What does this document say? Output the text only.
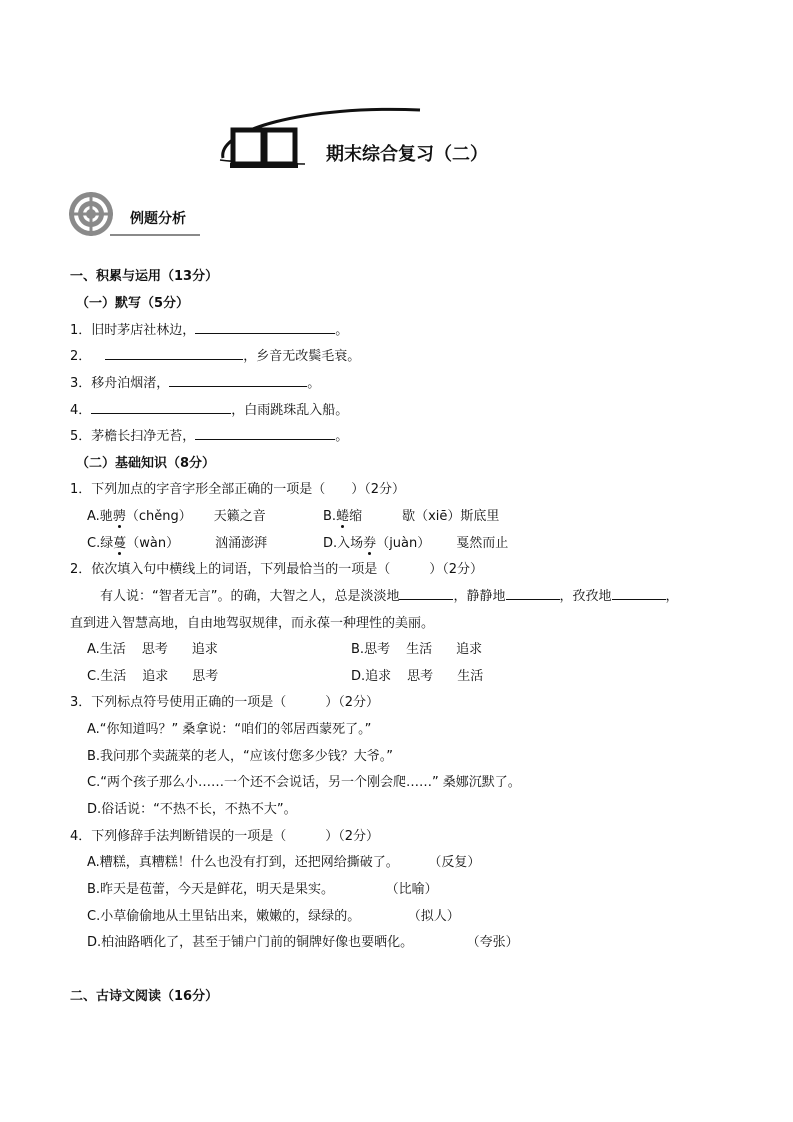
期末综合复习（二）
例题分析
一、积累与运用（13分）
（一）默写（5分）
1．旧时茅店社林边，	。
2．	，乡音无改鬓毛衰。
3．移舟泊烟渚，	。
4．	，白雨跳珠乱入船。
5．茅檐长扫净无苔，	。
（二）基础知识（8分）
1．下列加点的字音字形全部正确的一项是（　　）（2分）
A.驰骋（chěng） 天籁之音	B.蜷缩	歇（xiē）斯底里
C.绿蔓（wàn）	汹涌澎湃	D.入场券（juàn） 戛然而止
2．依次填入句中横线上的词语，下列最恰当的一项是（　　　）（2分）
有人说：“智者无言”。的确，大智之人，总是淡淡地	，静静地	，孜孜地	，
直到进入智慧高地，自由地驾驭规律，而永葆一种理性的美丽。
A.生活 思考 追求	B.思考 生活 追求
C.生活 追求 思考	D.追求 思考 生活
3．下列标点符号使用正确的一项是（　　　）（2分）
A.“你知道吗？” 桑拿说：“咱们的邻居西蒙死了。”
B.我问那个卖蔬菜的老人，“应该付您多少钱？大爷。”
C.“两个孩子那么小……一个还不会说话，另一个刚会爬……” 桑娜沉默了。
D.俗话说：“不热不长，不热不大”。
4．下列修辞手法判断错误的一项是（　　　）（2分）
A.糟糕，真糟糕！什么也没有打到，还把网给撕破了。	（反复）
B.昨天是苞蕾，今天是鲜花，明天是果实。	（比喻）
C.小草偷偷地从土里钻出来，嫩嫩的，绿绿的。	（拟人）
D.柏油路晒化了，甚至于铺户门前的铜牌好像也要晒化。	（夸张）
二、古诗文阅读（16分）
